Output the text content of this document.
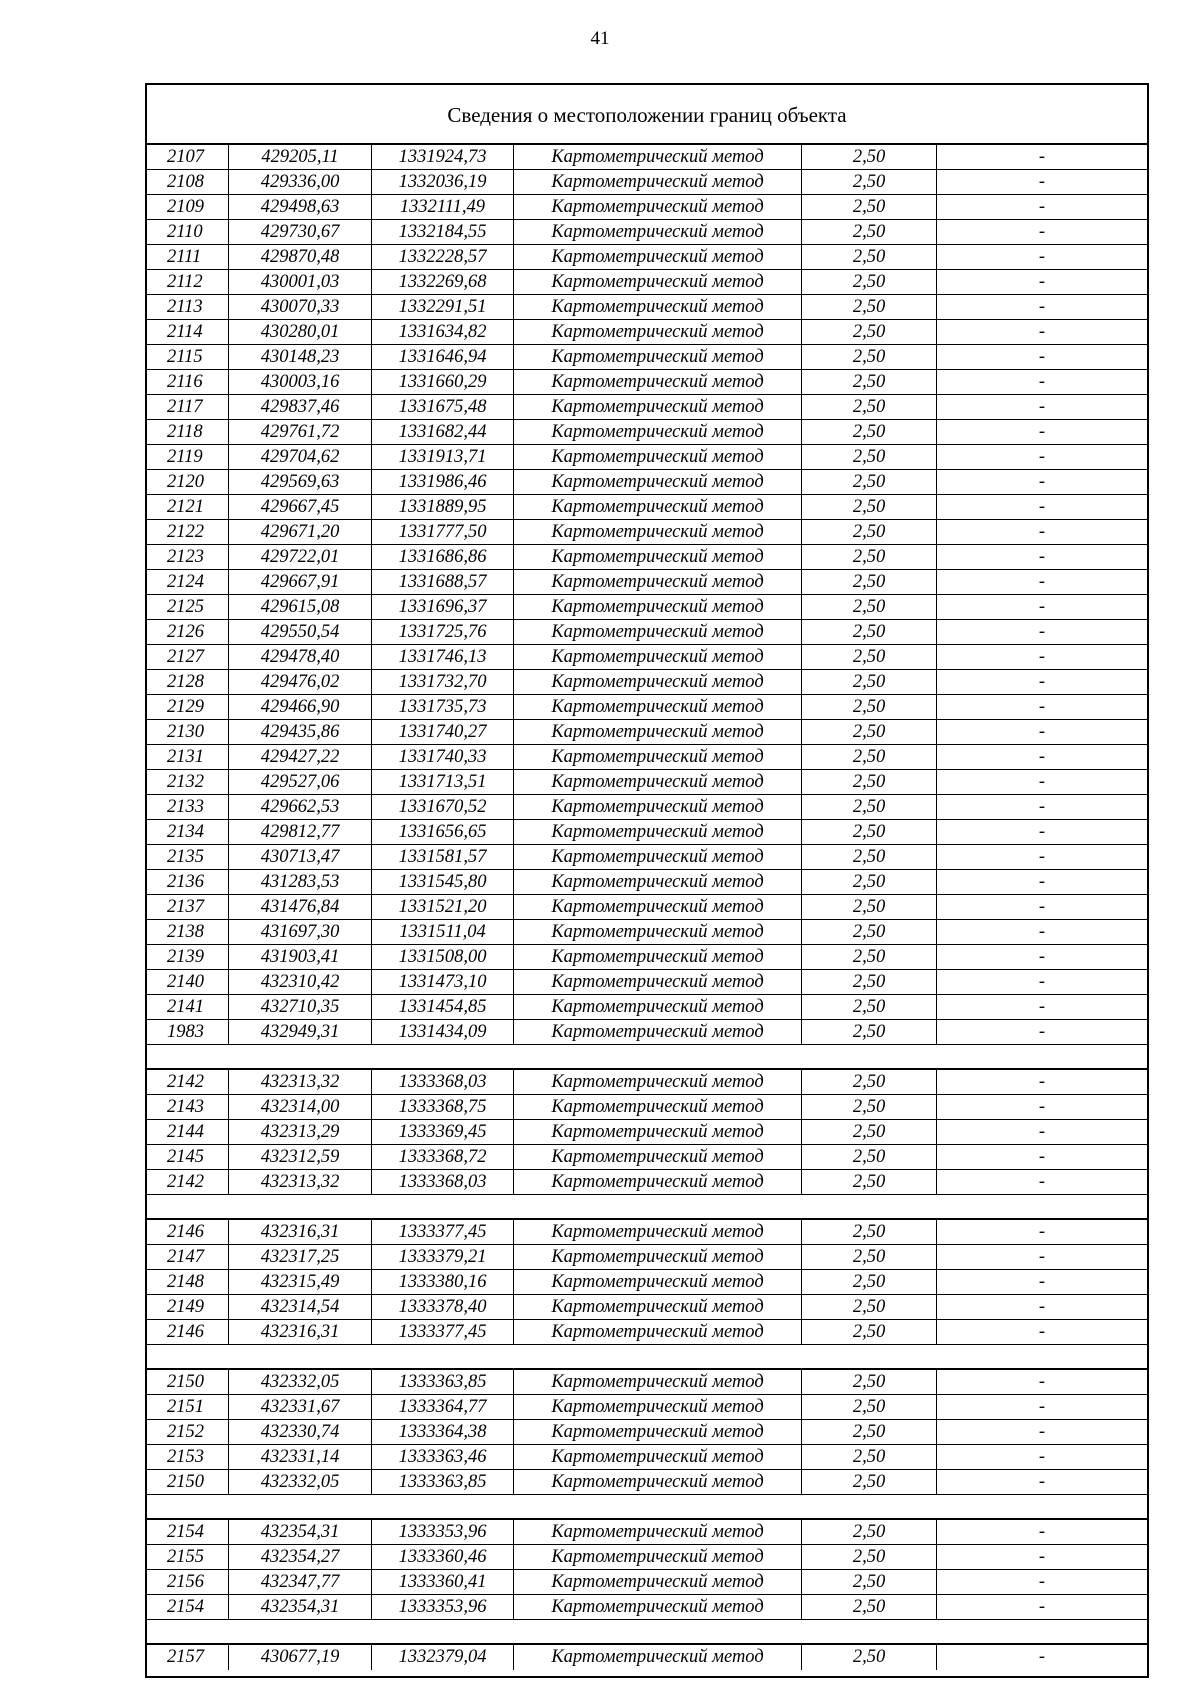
41
Сведения о местоположении границ объекта
2107	429205,11	1331924,73	Картометрический метод	2,50	-
2108	429336,00	1332036,19	Картометрический метод	2,50	-
2109	429498,63	1332111,49	Картометрический метод	2,50	-
2110	429730,67	1332184,55	Картометрический метод	2,50	-
2111	429870,48	1332228,57	Картометрический метод	2,50	-
2112	430001,03	1332269,68	Картометрический метод	2,50	-
2113	430070,33	1332291,51	Картометрический метод	2,50	-
2114	430280,01	1331634,82	Картометрический метод	2,50	-
2115	430148,23	1331646,94	Картометрический метод	2,50	-
2116	430003,16	1331660,29	Картометрический метод	2,50	-
2117	429837,46	1331675,48	Картометрический метод	2,50	-
2118	429761,72	1331682,44	Картометрический метод	2,50	-
2119	429704,62	1331913,71	Картометрический метод	2,50	-
2120	429569,63	1331986,46	Картометрический метод	2,50	-
2121	429667,45	1331889,95	Картометрический метод	2,50	-
2122	429671,20	1331777,50	Картометрический метод	2,50	-
2123	429722,01	1331686,86	Картометрический метод	2,50	-
2124	429667,91	1331688,57	Картометрический метод	2,50	-
2125	429615,08	1331696,37	Картометрический метод	2,50	-
2126	429550,54	1331725,76	Картометрический метод	2,50	-
2127	429478,40	1331746,13	Картометрический метод	2,50	-
2128	429476,02	1331732,70	Картометрический метод	2,50	-
2129	429466,90	1331735,73	Картометрический метод	2,50	-
2130	429435,86	1331740,27	Картометрический метод	2,50	-
2131	429427,22	1331740,33	Картометрический метод	2,50	-
2132	429527,06	1331713,51	Картометрический метод	2,50	-
2133	429662,53	1331670,52	Картометрический метод	2,50	-
2134	429812,77	1331656,65	Картометрический метод	2,50	-
2135	430713,47	1331581,57	Картометрический метод	2,50	-
2136	431283,53	1331545,80	Картометрический метод	2,50	-
2137	431476,84	1331521,20	Картометрический метод	2,50	-
2138	431697,30	1331511,04	Картометрический метод	2,50	-
2139	431903,41	1331508,00	Картометрический метод	2,50	-
2140	432310,42	1331473,10	Картометрический метод	2,50	-
2141	432710,35	1331454,85	Картометрический метод	2,50	-
1983	432949,31	1331434,09	Картометрический метод	2,50	-
2142	432313,32	1333368,03	Картометрический метод	2,50	-
2143	432314,00	1333368,75	Картометрический метод	2,50	-
2144	432313,29	1333369,45	Картометрический метод	2,50	-
2145	432312,59	1333368,72	Картометрический метод	2,50	-
2142	432313,32	1333368,03	Картометрический метод	2,50	-
2146	432316,31	1333377,45	Картометрический метод	2,50	-
2147	432317,25	1333379,21	Картометрический метод	2,50	-
2148	432315,49	1333380,16	Картометрический метод	2,50	-
2149	432314,54	1333378,40	Картометрический метод	2,50	-
2146	432316,31	1333377,45	Картометрический метод	2,50	-
2150	432332,05	1333363,85	Картометрический метод	2,50	-
2151	432331,67	1333364,77	Картометрический метод	2,50	-
2152	432330,74	1333364,38	Картометрический метод	2,50	-
2153	432331,14	1333363,46	Картометрический метод	2,50	-
2150	432332,05	1333363,85	Картометрический метод	2,50	-
2154	432354,31	1333353,96	Картометрический метод	2,50	-
2155	432354,27	1333360,46	Картометрический метод	2,50	-
2156	432347,77	1333360,41	Картометрический метод	2,50	-
2154	432354,31	1333353,96	Картометрический метод	2,50	-
2157	430677,19	1332379,04	Картометрический метод	2,50	-
